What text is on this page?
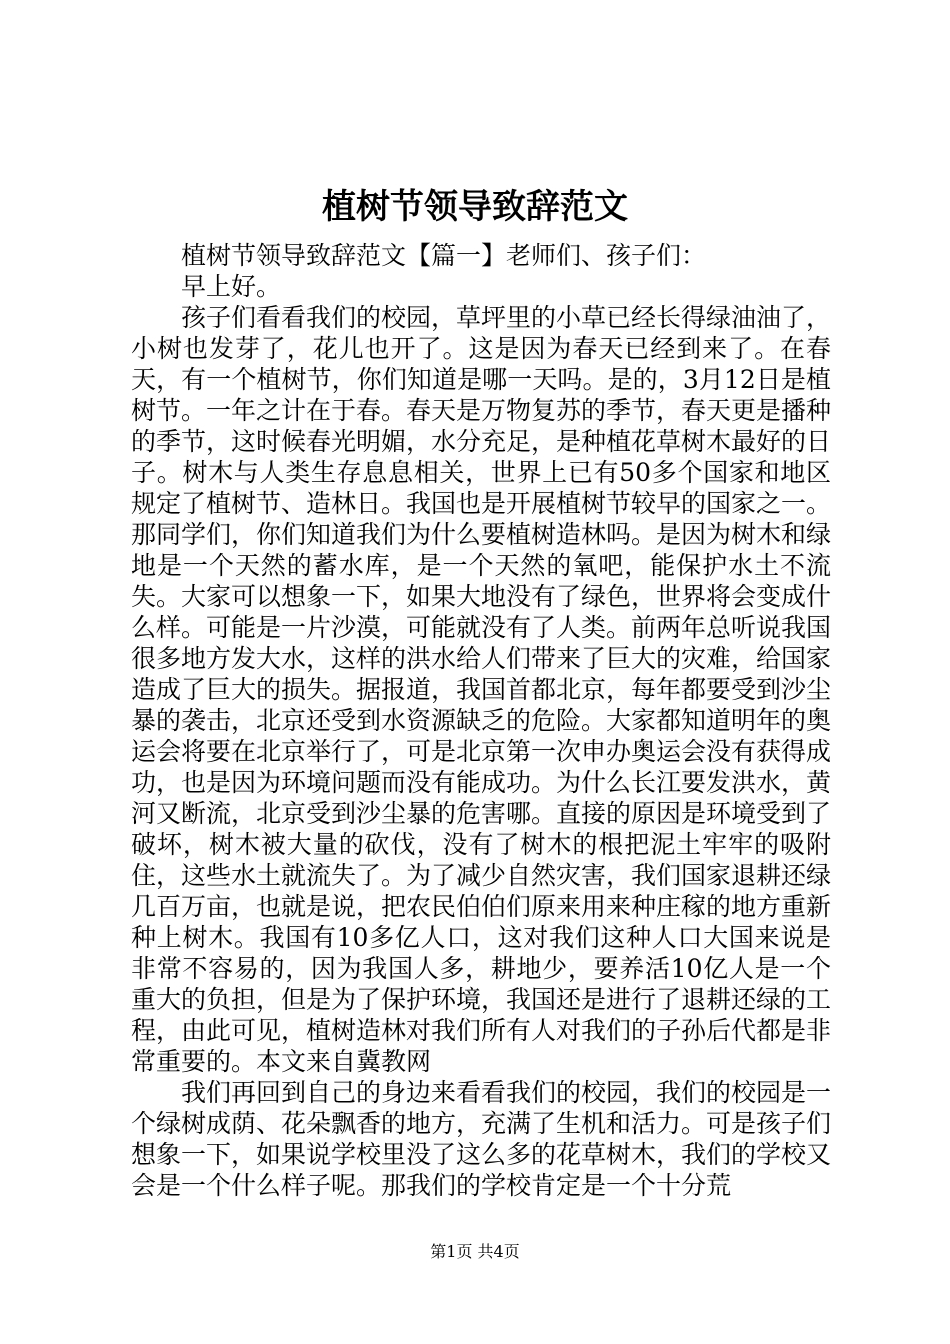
植树节领导致辞范文

植树节领导致辞范文【篇一】老师们、孩子们：

早上好。

孩子们看看我们的校园，草坪里的小草已经长得绿油油了，小树也发芽了，花儿也开了。这是因为春天已经到来了。在春天，有一个植树节，你们知道是哪一天吗。是的，3月12日是植树节。一年之计在于春。春天是万物复苏的季节，春天更是播种的季节，这时候春光明媚，水分充足，是种植花草树木最好的日子。树木与人类生存息息相关，世界上已有50多个国家和地区规定了植树节、造林日。我国也是开展植树节较早的国家之一。那同学们，你们知道我们为什么要植树造林吗。是因为树木和绿地是一个天然的蓄水库，是一个天然的氧吧，能保护水土不流失。大家可以想象一下，如果大地没有了绿色，世界将会变成什么样。可能是一片沙漠，可能就没有了人类。前两年总听说我国很多地方发大水，这样的洪水给人们带来了巨大的灾难，给国家造成了巨大的损失。据报道，我国首都北京，每年都要受到沙尘暴的袭击，北京还受到水资源缺乏的危险。大家都知道明年的奥运会将要在北京举行了，可是北京第一次申办奥运会没有获得成功，也是因为环境问题而没有能成功。为什么长江要发洪水，黄河又断流，北京受到沙尘暴的危害哪。直接的原因是环境受到了破坏，树木被大量的砍伐，没有了树木的根把泥土牢牢的吸附住，这些水土就流失了。为了减少自然灾害，我们国家退耕还绿几百万亩，也就是说，把农民伯伯们原来用来种庄稼的地方重新种上树木。我国有10多亿人口，这对我们这种人口大国来说是非常不容易的，因为我国人多，耕地少，要养活10亿人是一个重大的负担，但是为了保护环境，我国还是进行了退耕还绿的工程，由此可见，植树造林对我们所有人对我们的子孙后代都是非常重要的。本文来自冀教网

我们再回到自己的身边来看看我们的校园，我们的校园是一个绿树成荫、花朵飘香的地方，充满了生机和活力。可是孩子们想象一下，如果说学校里没了这么多的花草树木，我们的学校又会是一个什么样子呢。那我们的学校肯定是一个十分荒

第1页 共4页
